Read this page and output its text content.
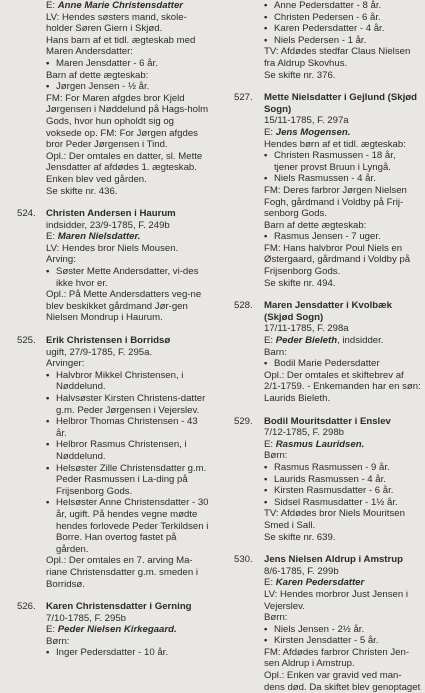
E: Anne Marie Christensdatter
LV: Hendes søsters mand, skole-holder Søren Giern i Skjød.
Hans barn af et tidl. ægteskab med Maren Andersdatter:
• Maren Jensdatter - 6 år.
Barn af dette ægteskab:
• Jørgen Jensen - ½ år.
FM: For Maren afgdes bror Kjeld Jørgensen i Nøddelund på Hags-holm Gods, hvor hun opholdt sig og voksede op. FM: For Jørgen afgdes bror Peder Jørgensen i Tind.
Opl.: Der omtales en datter, sl. Mette Jensdatter af afdødes 1. ægteskab.
Enken blev ved gården.
Se skifte nr. 436.
524. Christen Andersen i Haurum
indsidder, 23/9-1785, F. 249b
E: Maren Nielsdatter.
LV: Hendes bror Niels Mousen.
Arving:
• Søster Mette Andersdatter, vi-des ikke hvor er.
Opl.: På Mette Andersdatters veg-ne blev beskikket gårdmand Jør-gen Nielsen Mondrup i Haurum.
525. Erik Christensen i Borridsø
ugift, 27/9-1785, F. 295a.
Arvinger:
• Halvbror Mikkel Christensen, i Nøddelund.
• Halvsøster Kirsten Christens-datter g.m. Peder Jørgensen i Vejerslev.
• Helbror Thomas Christensen - 43 år.
• Helbror Rasmus Christensen, i Nøddelund.
• Helsøster Zille Christensdatter g.m. Peder Rasmussen i La-ding på Frijsenborg Gods.
• Helsøster Anne Christensdatter - 30 år, ugift. På hendes vegne mødte hendes forlovede Peder Terkildsen i Borre. Han overtog fastet på gården.
Opl.: Der omtales en 7. arving Ma-riane Christensdatter g.m. smeden i Borridsø.
526. Karen Christensdatter i Gerning
7/10-1785, F. 295b
E: Peder Nielsen Kirkegaard.
Børn:
• Inger Pedersdatter - 10 år.
• Anne Pedersdatter - 8 år.
• Christen Pedersen - 6 år.
• Karen Pedersdatter - 4 år.
• Niels Pedersen - 1 år.
TV: Afdødes stedfar Claus Nielsen fra Aldrup Skovhus.
Se skifte nr. 376.
527. Mette Nielsdatter i Gejlund (Skjød Sogn)
15/11-1785, F. 297a
E: Jens Mogensen.
Hendes børn af et tidl. ægteskab:
• Christen Rasmussen - 18 år, tjener provst Bruun i Lyngå.
• Niels Rasmussen - 4 år.
FM: Deres farbror Jørgen Nielsen Fogh, gårdmand i Voldby på Frij-senborg Gods.
Barn af dette ægteskab:
• Rasmus Jensen - 7 uger.
FM: Hans halvbror Poul Niels en Østergaard, gårdmand i Voldby på Frijsenborg Gods.
Se skifte nr. 494.
528. Maren Jensdatter i Kvolbæk (Skjød Sogn)
17/11-1785, F. 298a
E: Peder Bieleth, indsidder.
Barn:
• Bodil Marie Pedersdatter
Opl.: Der omtales et skiftebrev af 2/1-1759. - Enkemanden har en søn: Laurids Bieleth.
529. Bodil Mouritsdatter i Enslev
7/12-1785, F. 298b
E: Rasmus Lauridsen.
Børn:
• Rasmus Rasmussen - 9 år.
• Laurids Rasmussen - 4 år.
• Kirsten Rasmusdatter - 6 år.
• Sidsel Rasmusdatter - 1½ år.
TV: Afdødes bror Niels Mouritsen Smed i Sall.
Se skifte nr. 639.
530. Jens Nielsen Aldrup i Amstrup
8/6-1785, F. 299b
E: Karen Pedersdatter
LV: Hendes morbror Just Jensen i Vejerslev.
Børn:
• Niels Jensen - 2½ år.
• Kirsten Jensdatter - 5 år.
FM: Afdødes farbror Christen Jen-sen Aldrup i Amstrup.
Opl.: Enken var gravid ved man-dens død. Da skiftet blev genoptaget
